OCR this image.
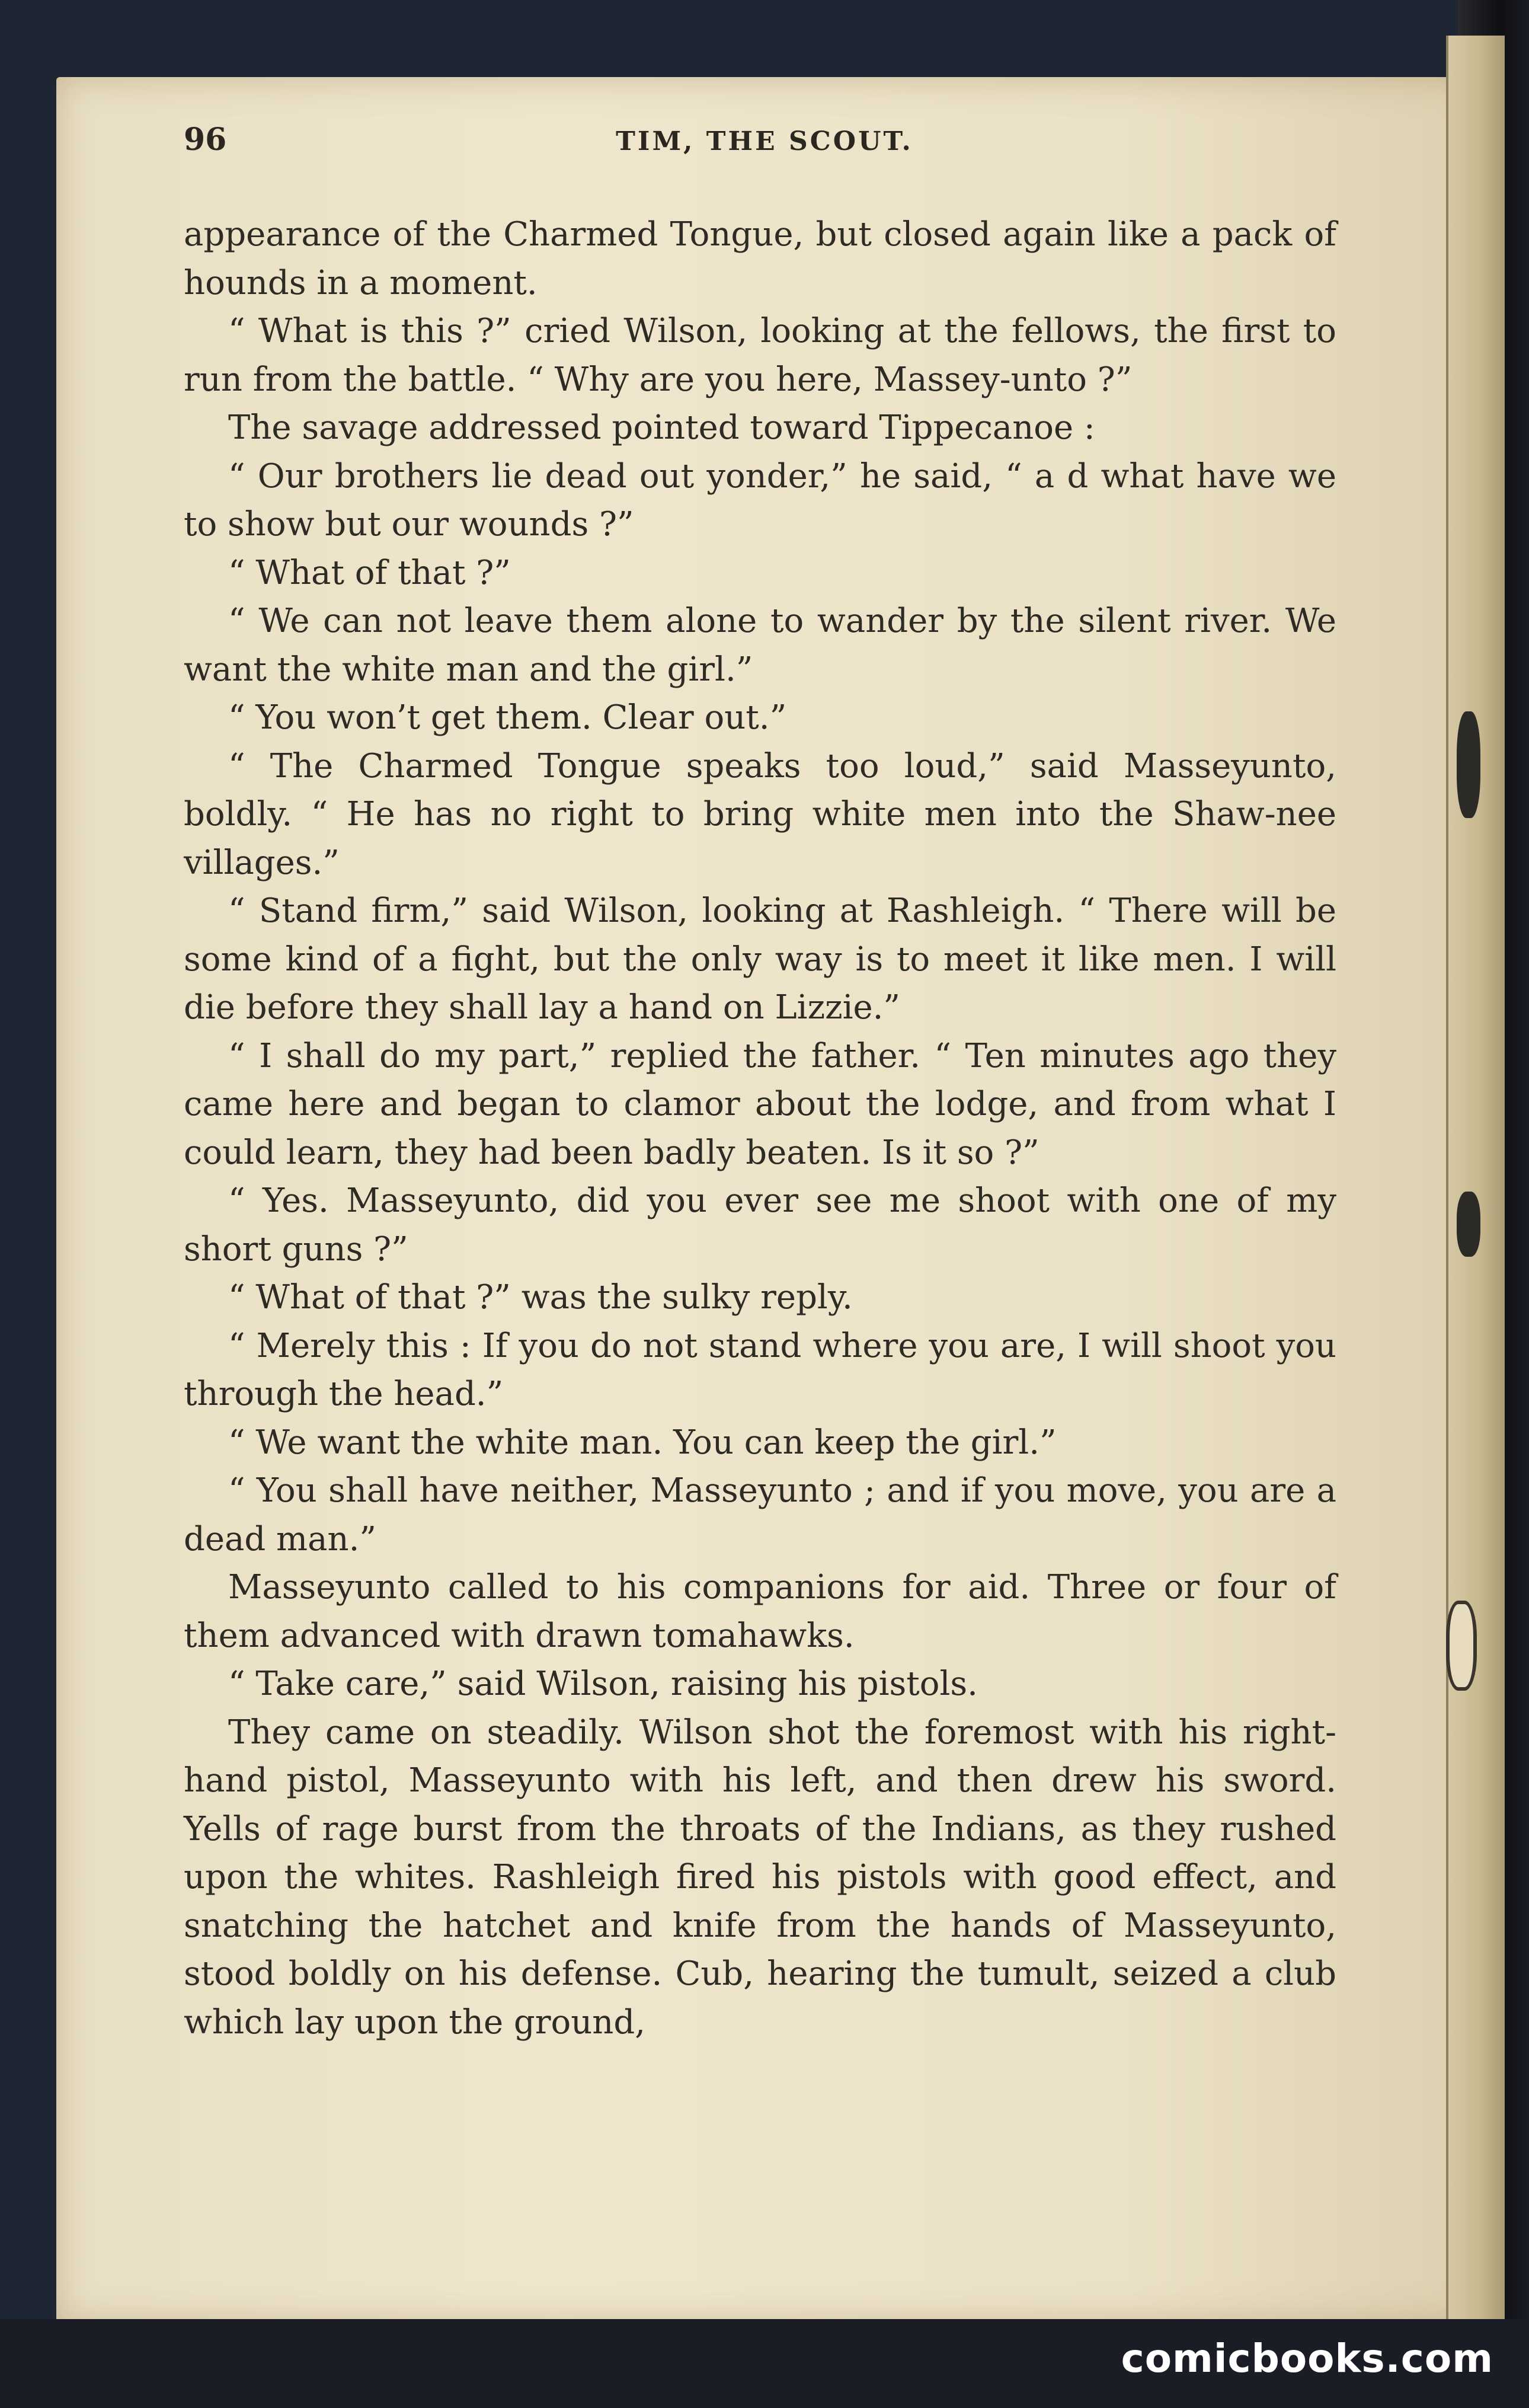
96	TIM, THE SCOUT.

appearance of the Charmed Tongue, but closed again like a pack of hounds in a moment.

“ What is this ?” cried Wilson, looking at the fellows, the first to run from the battle. “ Why are you here, Massey-unto ?”

The savage addressed pointed toward Tippecanoe :

“ Our brothers lie dead out yonder,” he said, “ a d what have we to show but our wounds ?”

“ What of that ?”

“ We can not leave them alone to wander by the silent river. We want the white man and the girl.”

“ You won’t get them. Clear out.”

“ The Charmed Tongue speaks too loud,” said Masseyunto, boldly. “ He has no right to bring white men into the Shaw-nee villages.”

“ Stand firm,” said Wilson, looking at Rashleigh. “ There will be some kind of a fight, but the only way is to meet it like men. I will die before they shall lay a hand on Lizzie.”

“ I shall do my part,” replied the father. “ Ten minutes ago they came here and began to clamor about the lodge, and from what I could learn, they had been badly beaten. Is it so ?”

“ Yes. Masseyunto, did you ever see me shoot with one of my short guns ?”

“ What of that ?” was the sulky reply.

“ Merely this : If you do not stand where you are, I will shoot you through the head.”

“ We want the white man. You can keep the girl.”

“ You shall have neither, Masseyunto ; and if you move, you are a dead man.”

Masseyunto called to his companions for aid. Three or four of them advanced with drawn tomahawks.

“ Take care,” said Wilson, raising his pistols.

They came on steadily. Wilson shot the foremost with his right-hand pistol, Masseyunto with his left, and then drew his sword. Yells of rage burst from the throats of the Indians, as they rushed upon the whites. Rashleigh fired his pistols with good effect, and snatching the hatchet and knife from the hands of Masseyunto, stood boldly on his defense. Cub, hearing the tumult, seized a club which lay upon the ground,

comicbooks.com
